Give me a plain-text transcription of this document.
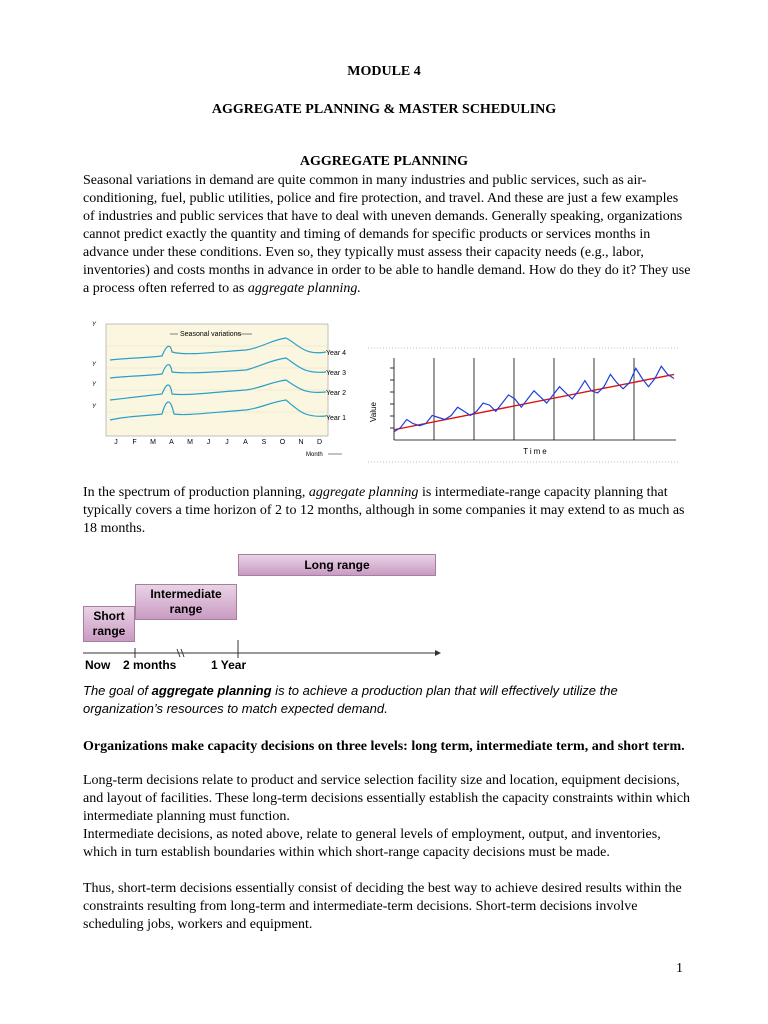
MODULE 4
AGGREGATE PLANNING & MASTER SCHEDULING
AGGREGATE PLANNING
Seasonal variations in demand are quite common in many industries and public services, such as air-conditioning, fuel, public utilities, police and fire protection, and travel. And these are just a few examples of industries and public services that have to deal with uneven demands. Generally speaking, organizations cannot predict exactly the quantity and timing of demands for specific products or services months in advance under these conditions. Even so, they typically must assess their capacity needs (e.g., labor, inventories) and costs months in advance in order to be able to handle demand. How do they do it? They use a process often referred to as aggregate planning.
Seasonal variations
Y
Y
Y
Y
Year 4
Year 3
Year 2
Year 1
J F M A M J J A S O N D
Month
Value
Time
In the spectrum of production planning, aggregate planning is intermediate-range capacity planning that typically covers a time horizon of 2 to 12 months, although in some companies it may extend to as much as 18 months.
Long range
Intermediate range
Short range
Now 2 months	1 Year
The goal of aggregate planning is to achieve a production plan that will effectively utilize the organization’s resources to match expected demand.
Organizations make capacity decisions on three levels: long term, intermediate term, and short term.
Long-term decisions relate to product and service selection facility size and location, equipment decisions, and layout of facilities. These long-term decisions essentially establish the capacity constraints within which intermediate planning must function.
Intermediate decisions, as noted above, relate to general levels of employment, output, and inventories, which in turn establish boundaries within which short-range capacity decisions must be made.
Thus, short-term decisions essentially consist of deciding the best way to achieve desired results within the constraints resulting from long-term and intermediate-term decisions. Short-term decisions involve scheduling jobs, workers and equipment.
1
